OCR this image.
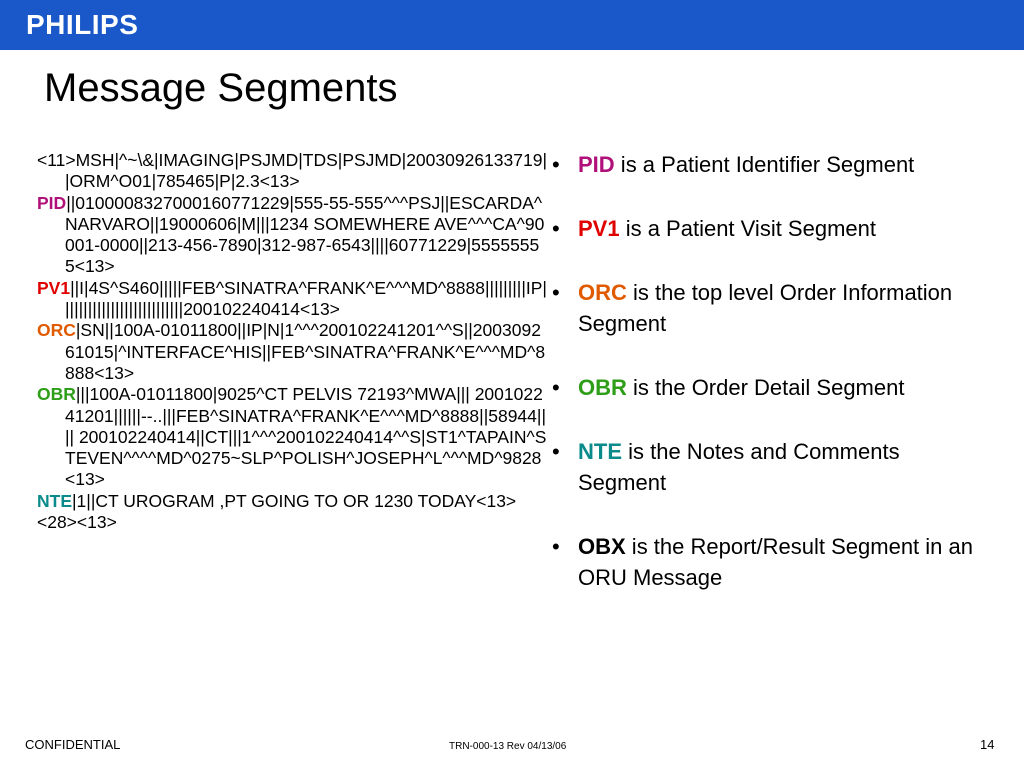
PHILIPS
Message Segments
<11>MSH|^~\&|IMAGING|PSJMD|TDS|PSJMD|20030926133719||ORM^O01|785465|P|2.3<13>
PID||0100008327000160771229|555-55-555^^^PSJ||ESCARDA^NARVARO||19000606|M|||1234 SOMEWHERE AVE^^^CA^90001-0000||213-456-7890|312-987-6543||||60771229|55555555<13>
PV1||I|4S^S460|||||FEB^SINATRA^FRANK^E^^^MD^8888|||||||||IP|||||||||||||||||||||||||||200102240414<13>
ORC|SN||100A-01011800||IP|N|1^^^200102241201^^S||200309261015|^INTERFACE^HIS||FEB^SINATRA^FRANK^E^^^MD^8888<13>
OBR|||100A-01011800|9025^CT PELVIS 72193^MWA||| 200102241201||||||--..|||FEB^SINATRA^FRANK^E^^^MD^8888||58944|||| 200102240414||CT|||1^^^200102240414^^S|ST1^TAPAIN^STEVEN^^^^MD^0275~SLP^POLISH^JOSEPH^L^^^MD^9828<13>
NTE|1||CT UROGRAM ,PT GOING TO OR 1230 TODAY<13>
<28><13>
• PID is a Patient Identifier Segment
• PV1 is a Patient Visit Segment
• ORC is the top level Order Information Segment
• OBR is the Order Detail Segment
• NTE is the Notes and Comments Segment
• OBX is the Report/Result Segment in an ORU Message
CONFIDENTIAL	TRN-000-13 Rev 04/13/06	14
